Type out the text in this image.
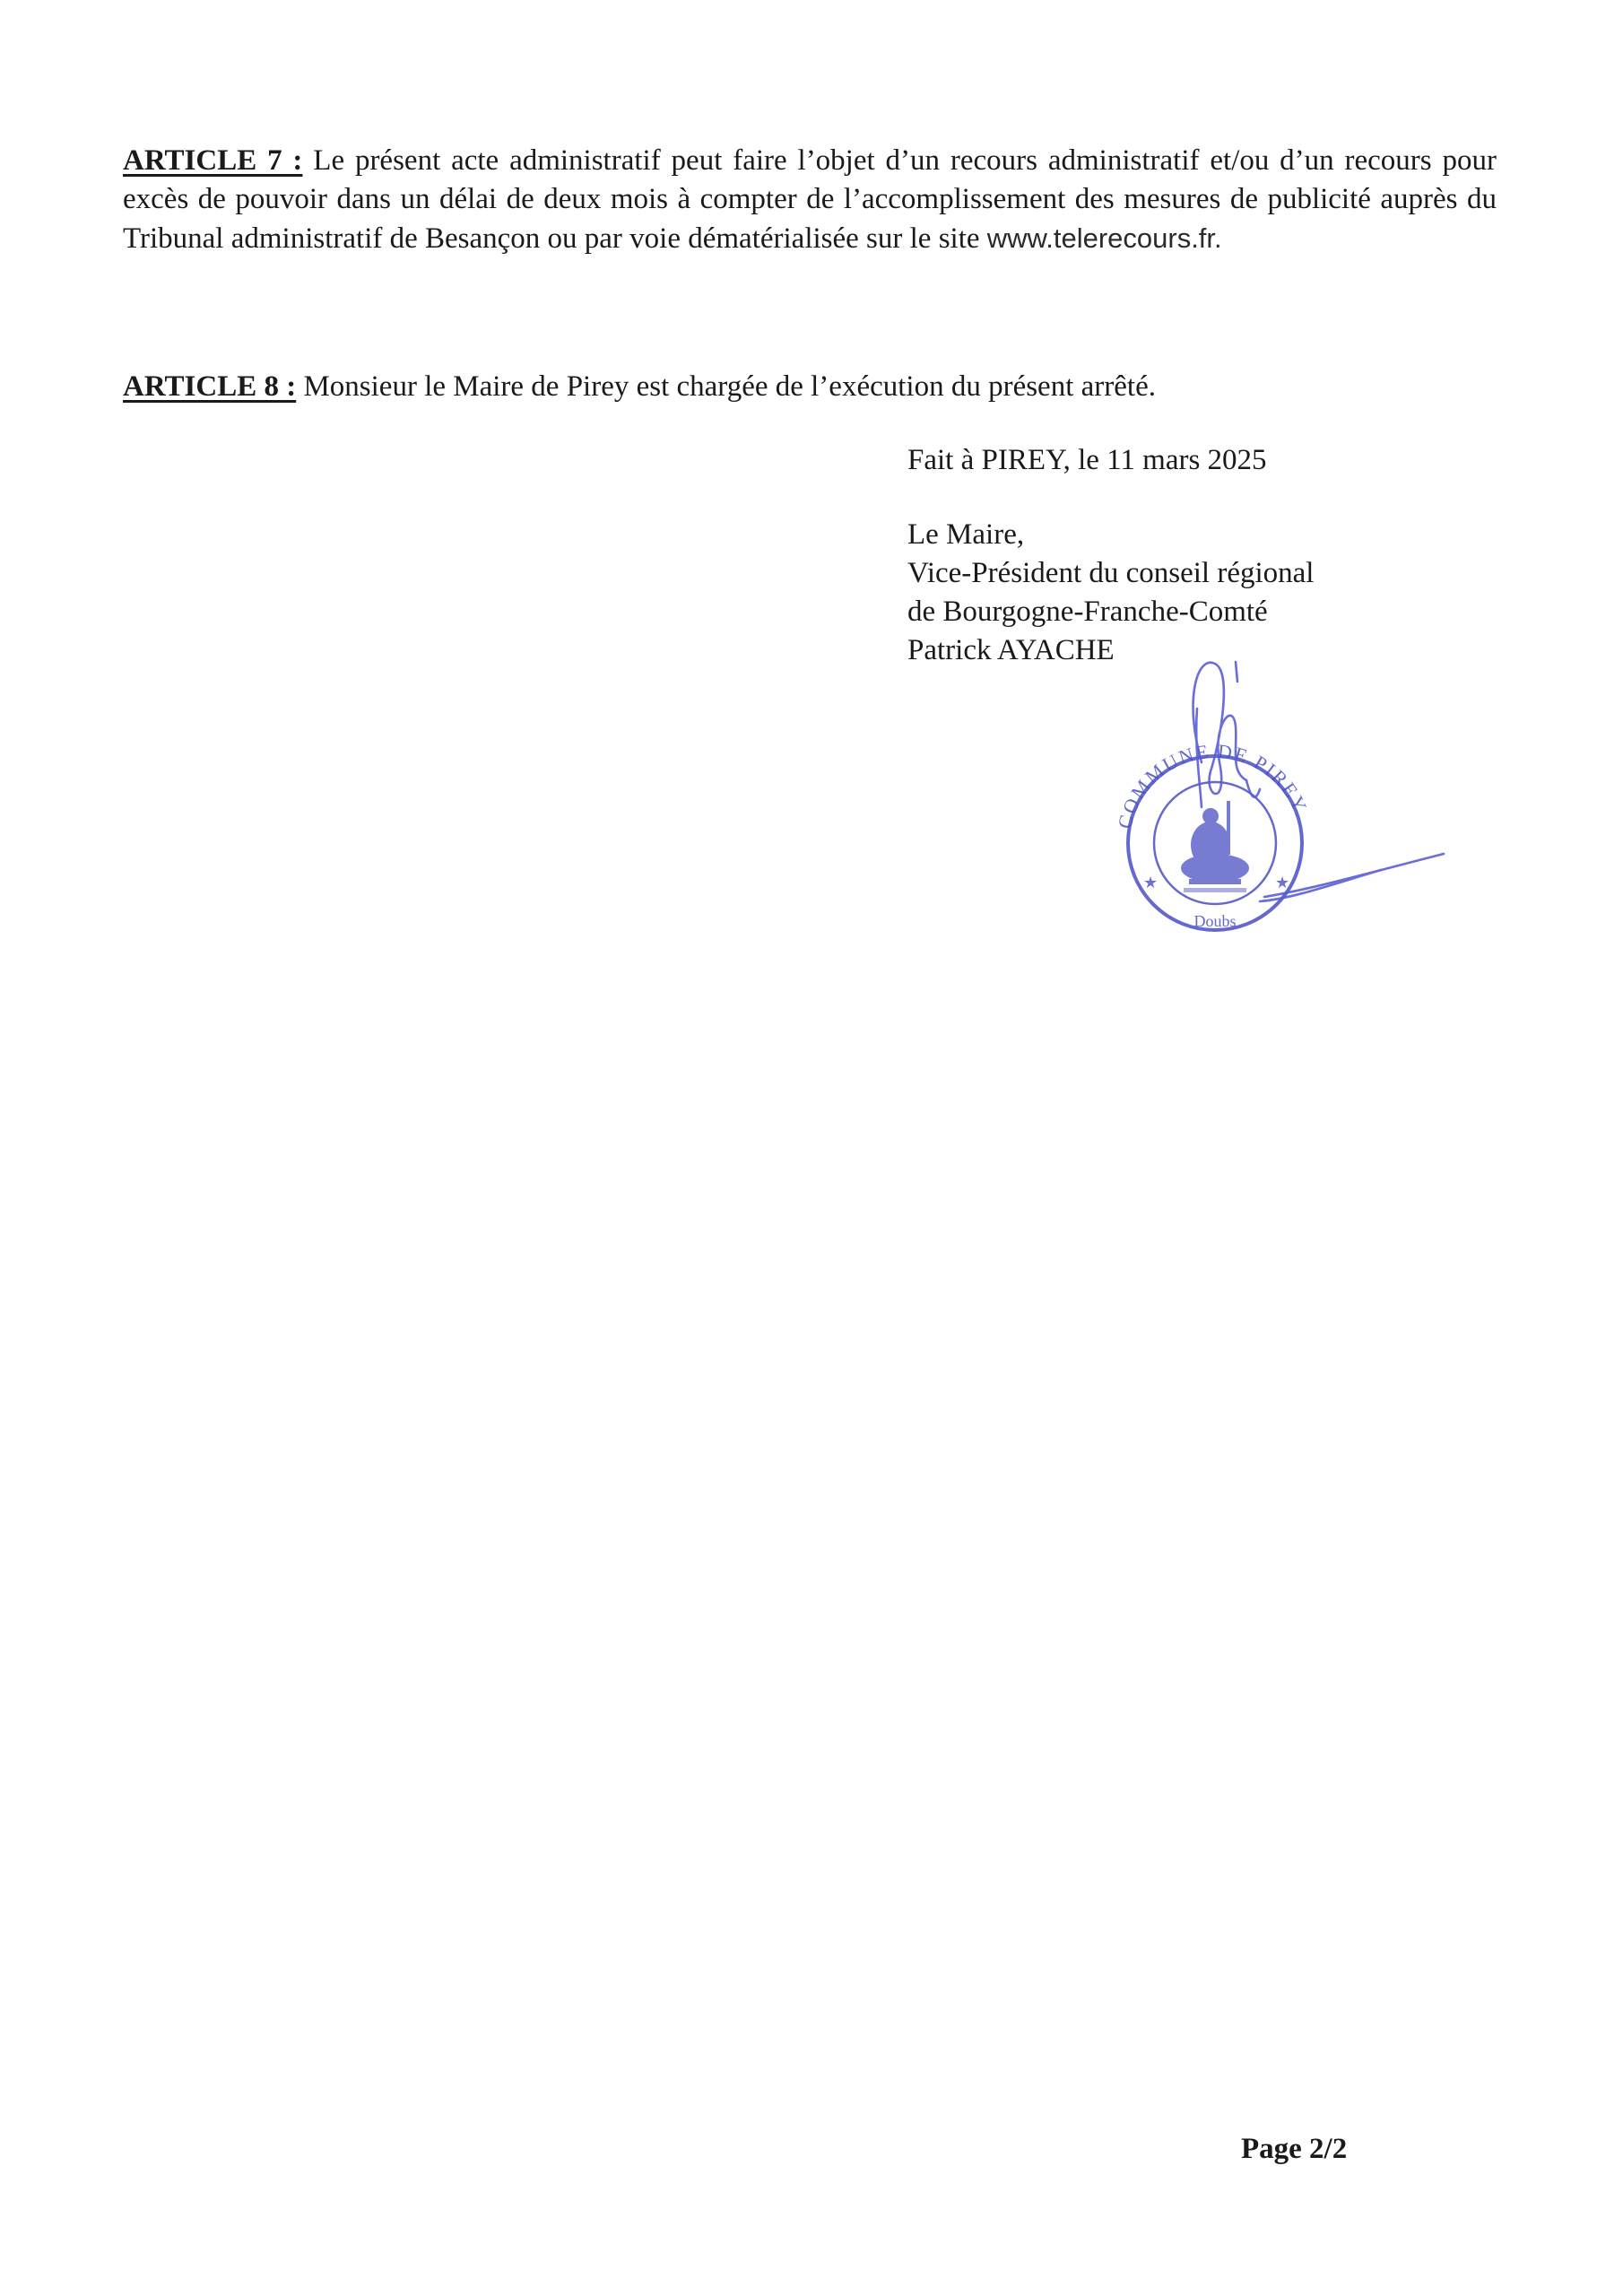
ARTICLE 7 : Le présent acte administratif peut faire l’objet d’un recours administratif et/ou d’un recours pour excès de pouvoir dans un délai de deux mois à compter de l’accomplissement des mesures de publicité auprès du Tribunal administratif de Besançon ou par voie dématérialisée sur le site www.telerecours.fr.

ARTICLE 8 : Monsieur le Maire de Pirey est chargée de l’exécution du présent arrêté.

Fait à PIREY, le 11 mars 2025
Le Maire,
Vice-Président du conseil régional
de Bourgogne-Franche-Comté
Patrick AYACHE
COMMUNE DE PIREY
Doubs
★	★
Page 2/2
